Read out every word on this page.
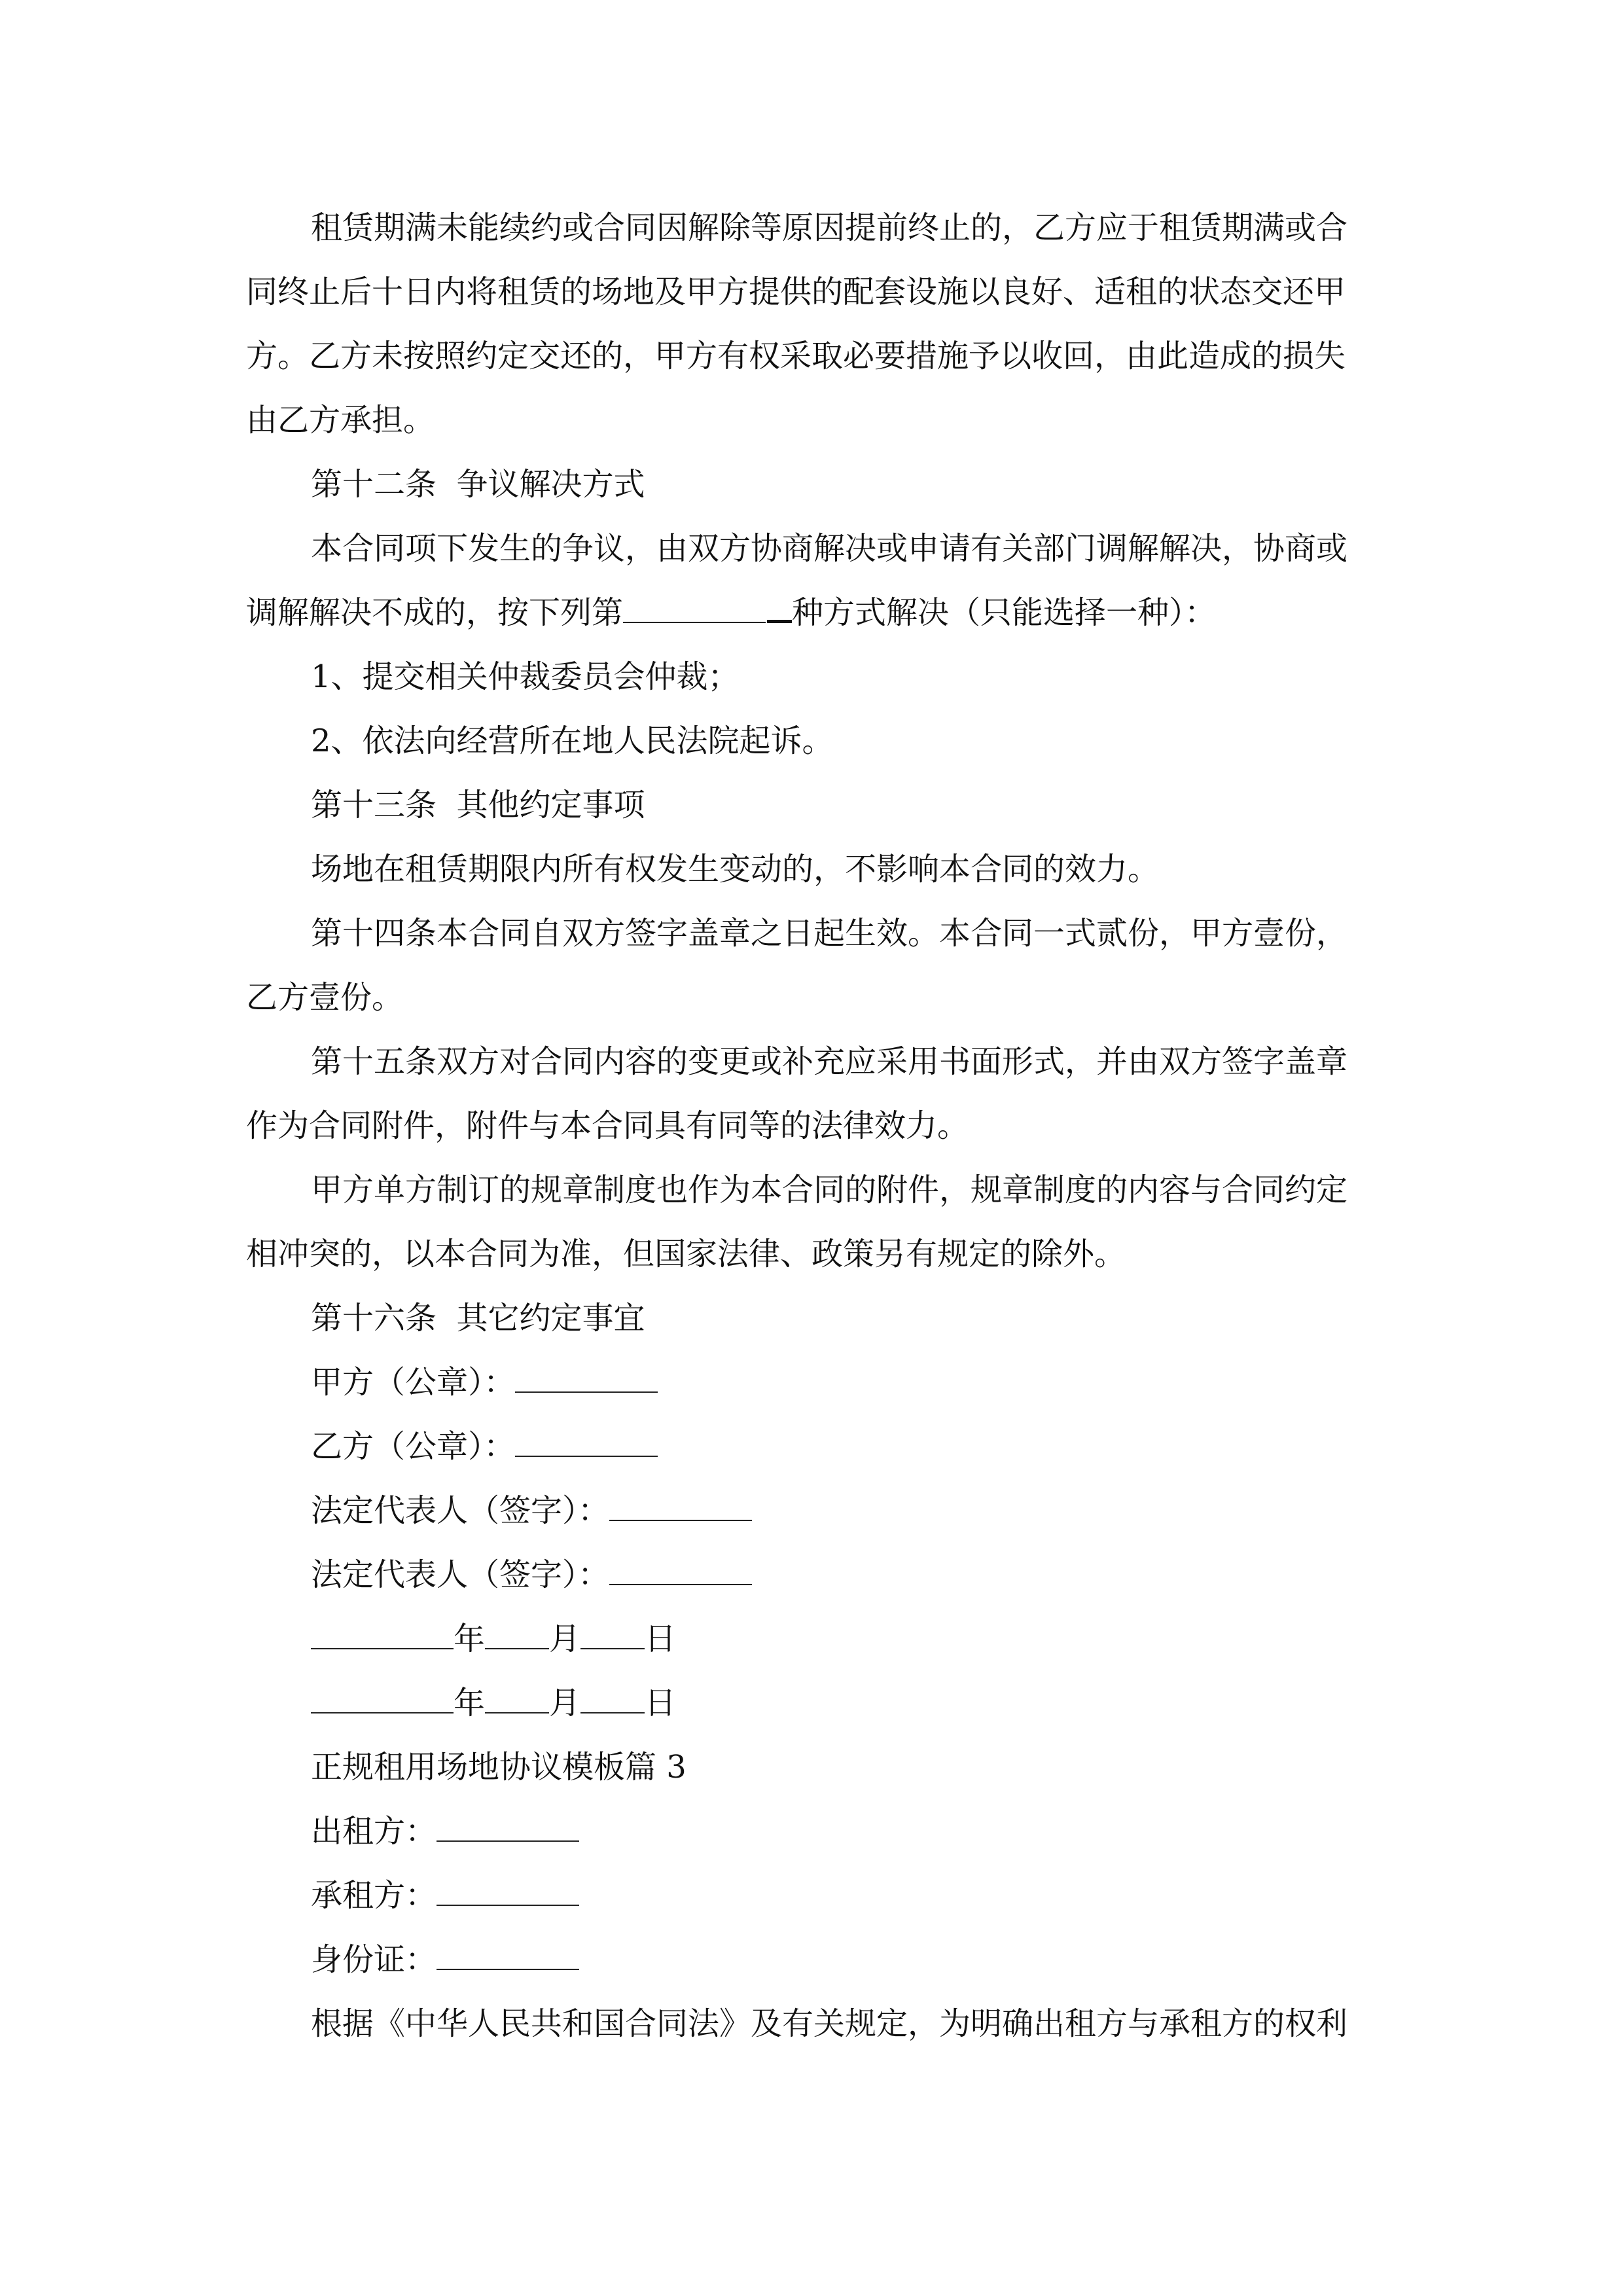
租赁期满未能续约或合同因解除等原因提前终止的，乙方应于租赁期满或合
同终止后十日内将租赁的场地及甲方提供的配套设施以良好、适租的状态交还甲
方。乙方未按照约定交还的，甲方有权采取必要措施予以收回，由此造成的损失
由乙方承担。
第十二条  争议解决方式
本合同项下发生的争议，由双方协商解决或申请有关部门调解解决，协商或
调解解决不成的，按下列第	种方式解决（只能选择一种）：
1、提交相关仲裁委员会仲裁；
2、依法向经营所在地人民法院起诉。
第十三条  其他约定事项
场地在租赁期限内所有权发生变动的，不影响本合同的效力。
第十四条本合同自双方签字盖章之日起生效。本合同一式贰份，甲方壹份，
乙方壹份。
第十五条双方对合同内容的变更或补充应采用书面形式，并由双方签字盖章
作为合同附件，附件与本合同具有同等的法律效力。
甲方单方制订的规章制度也作为本合同的附件，规章制度的内容与合同约定
相冲突的，以本合同为准，但国家法律、政策另有规定的除外。
第十六条  其它约定事宜
甲方（公章）：
乙方（公章）：
法定代表人（签字）：
法定代表人（签字）：
年 月 日
年 月 日
正规租用场地协议模板篇 3
出租方：
承租方：
身份证：
根据《中华人民共和国合同法》及有关规定，为明确出租方与承租方的权利
